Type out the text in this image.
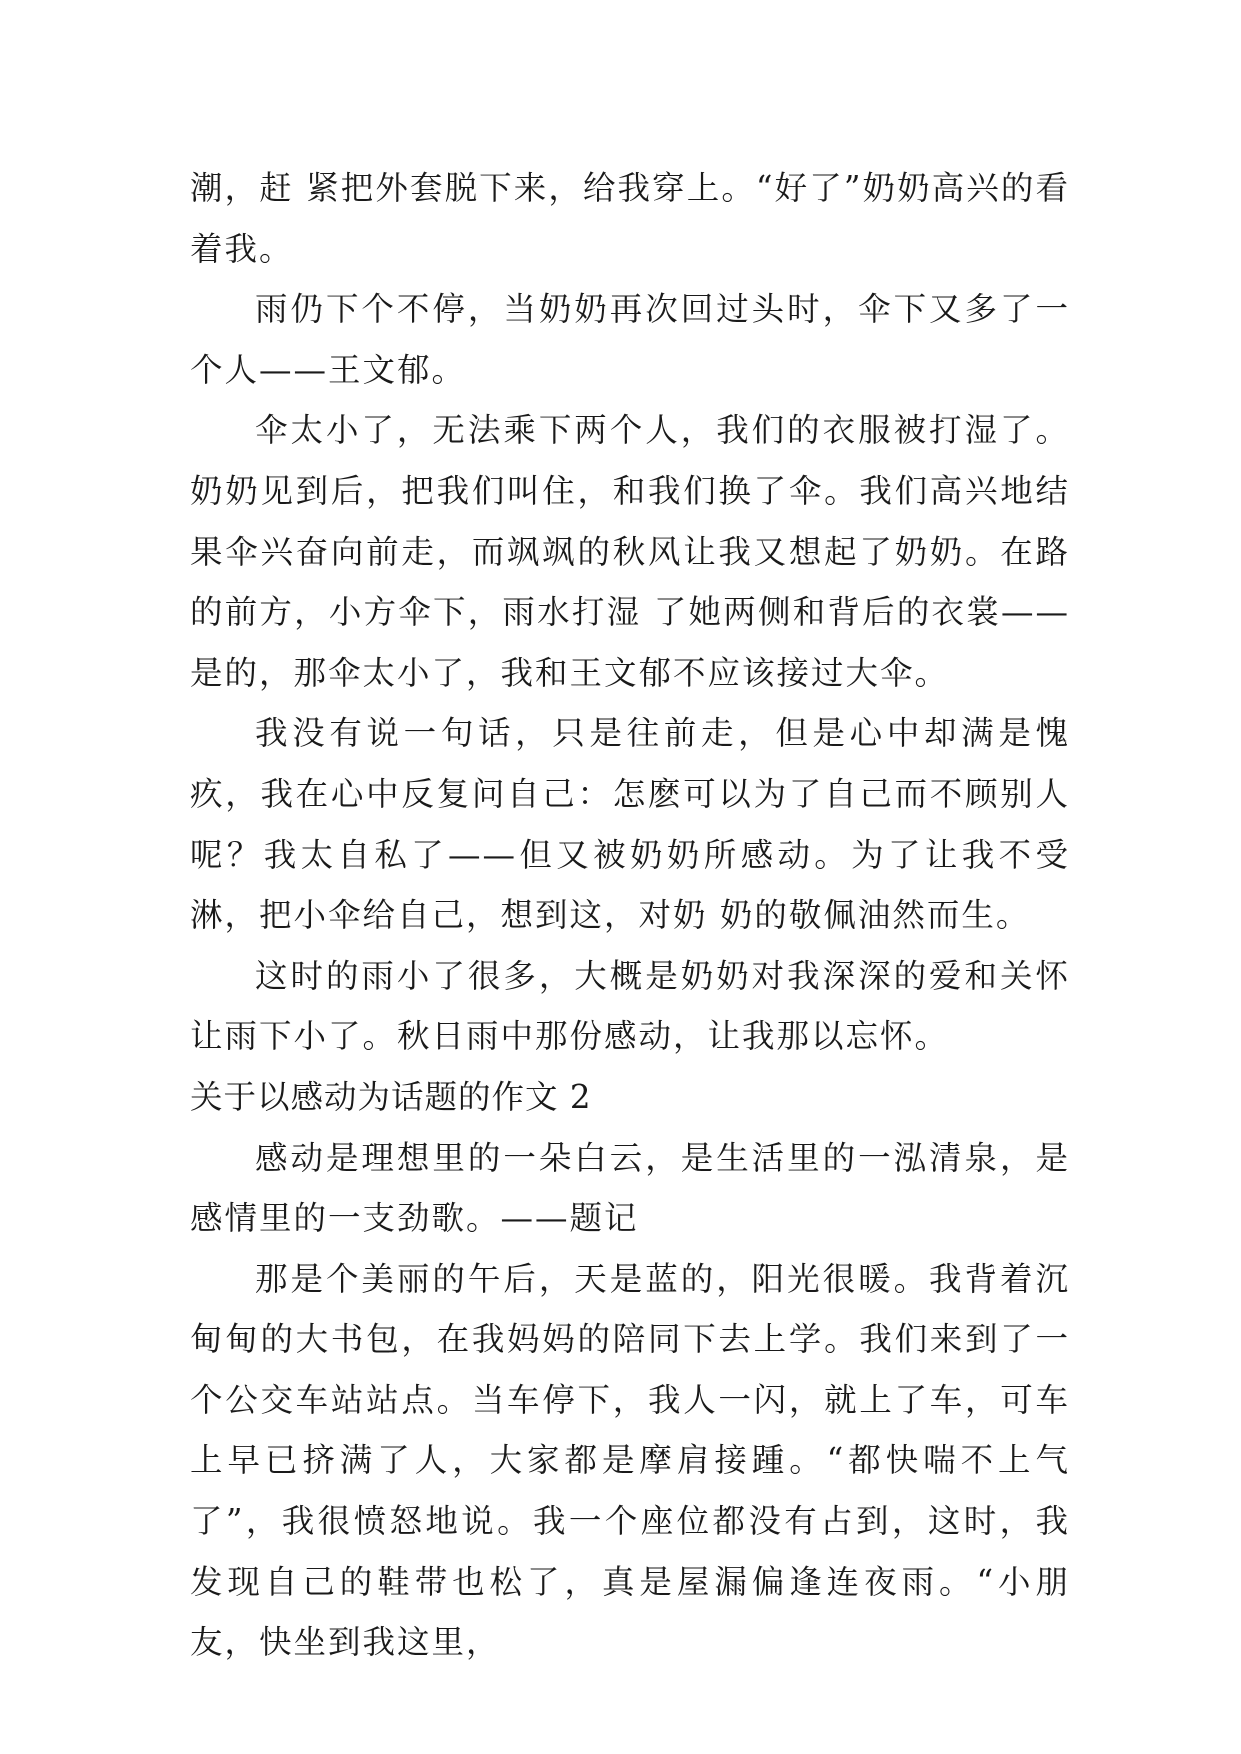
潮，赶 紧把外套脱下来，给我穿上。“好了”奶奶高兴的看着我。

雨仍下个不停，当奶奶再次回过头时，伞下又多了一个人——王文郁。

伞太小了，无法乘下两个人，我们的衣服被打湿了。奶奶见到后，把我们叫住，和我们换了伞。我们高兴地结果伞兴奋向前走，而飒飒的秋风让我又想起了奶奶。在路的前方，小方伞下，雨水打湿 了她两侧和背后的衣裳——是的，那伞太小了，我和王文郁不应该接过大伞。

我没有说一句话，只是往前走，但是心中却满是愧疚，我在心中反复问自己：怎麽可以为了自己而不顾别人呢？我太自私了——但又被奶奶所感动。为了让我不受淋，把小伞给自己，想到这，对奶 奶的敬佩油然而生。

这时的雨小了很多，大概是奶奶对我深深的爱和关怀让雨下小了。秋日雨中那份感动，让我那以忘怀。

关于以感动为话题的作文 2

感动是理想里的一朵白云，是生活里的一泓清泉，是感情里的一支劲歌。——题记

那是个美丽的午后，天是蓝的，阳光很暖。我背着沉甸甸的大书包，在我妈妈的陪同下去上学。我们来到了一个公交车站站点。当车停下，我人一闪，就上了车，可车上早已挤满了人，大家都是摩肩接踵。“都快喘不上气了”，我很愤怒地说。我一个座位都没有占到，这时，我发现自己的鞋带也松了，真是屋漏偏逢连夜雨。“小朋友，快坐到我这里，
